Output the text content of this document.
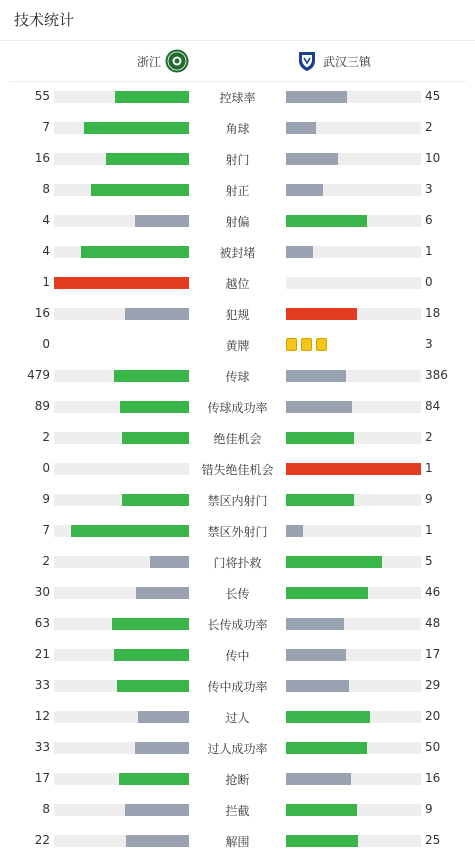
技术统计
浙江	武汉三镇
55	控球率	45
7	角球	2
16	射门	10
8	射正	3
4	射偏	6
4	被封堵	1
1	越位	0
16	犯规	18
0	黄牌	3
479	传球	386
89	传球成功率	84
2	绝佳机会	2
0	错失绝佳机会	1
9	禁区内射门	9
7	禁区外射门	1
2	门将扑救	5
30	长传	46
63	长传成功率	48
21	传中	17
33	传中成功率	29
12	过人	20
33	过人成功率	50
17	抢断	16
8	拦截	9
22	解围	25
